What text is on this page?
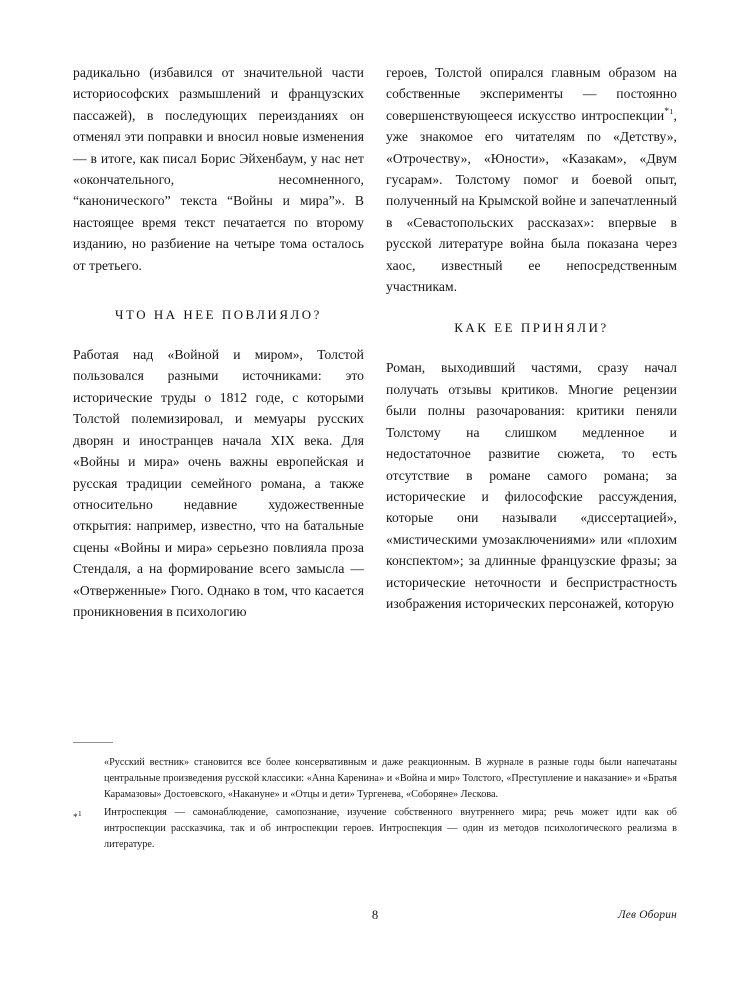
радикально (избавился от значительной части историософских размышлений и французских пассажей), в последующих переизданиях он отменял эти поправки и вносил новые изменения — в итоге, как писал Борис Эйхенбаум, у нас нет «окончательного, несомненного, “канонического” текста “Войны и мира”». В настоящее время текст печатается по второму изданию, но разбиение на четыре тома осталось от третьего.

ЧТО НА НЕЕ ПОВЛИЯЛО?

Работая над «Войной и миром», Толстой пользовался разными источниками: это исторические труды о 1812 годе, с которыми Толстой полемизировал, и мемуары русских дворян и иностранцев начала XIX века. Для «Войны и мира» очень важны европейская и русская традиции семейного романа, а также относительно недавние художественные открытия: например, известно, что на батальные сцены «Войны и мира» серьезно повлияла проза Стендаля, а на формирование всего замысла — «Отверженные» Гюго. Однако в том, что касается проникновения в психологию

героев, Толстой опирался главным образом на собственные эксперименты — постоянно совершенствующееся искусство интроспекции$^{*1}$, уже знакомое его читателям по «Детству», «Отрочеству», «Юности», «Казакам», «Двум гусарам». Толстому помог и боевой опыт, полученный на Крымской войне и запечатленный в «Севастопольских рассказах»: впервые в русской литературе война была показана через хаос, известный ее непосредственным участникам.

КАК ЕЕ ПРИНЯЛИ?

Роман, выходивший частями, сразу начал получать отзывы критиков. Многие рецензии были полны разочарования: критики пеняли Толстому на слишком медленное и недостаточное развитие сюжета, то есть отсутствие в романе самого романа; за исторические и философские рассуждения, которые они называли «диссертацией», «мистическими умозаключениями» или «плохим конспектом»; за длинные французские фразы; за исторические неточности и беспристрастность изображения исторических персонажей, которую

«Русский вестник» становится все более консервативным и даже реакционным. В журнале в разные годы были напечатаны центральные произведения русской классики: «Анна Каренина» и «Война и мир» Толстого, «Преступление и наказание» и «Братья Карамазовы» Достоевского, «Накануне» и «Отцы и дети» Тургенева, «Соборяне» Лескова.
*$^1$	Интроспекция — самонаблюдение, самопознание, изучение собственного внутреннего мира; речь может идти как об интроспекции рассказчика, так и об интроспекции героев. Интроспекция — один из методов психологического реализма в литературе.
8	Лев Оборин
